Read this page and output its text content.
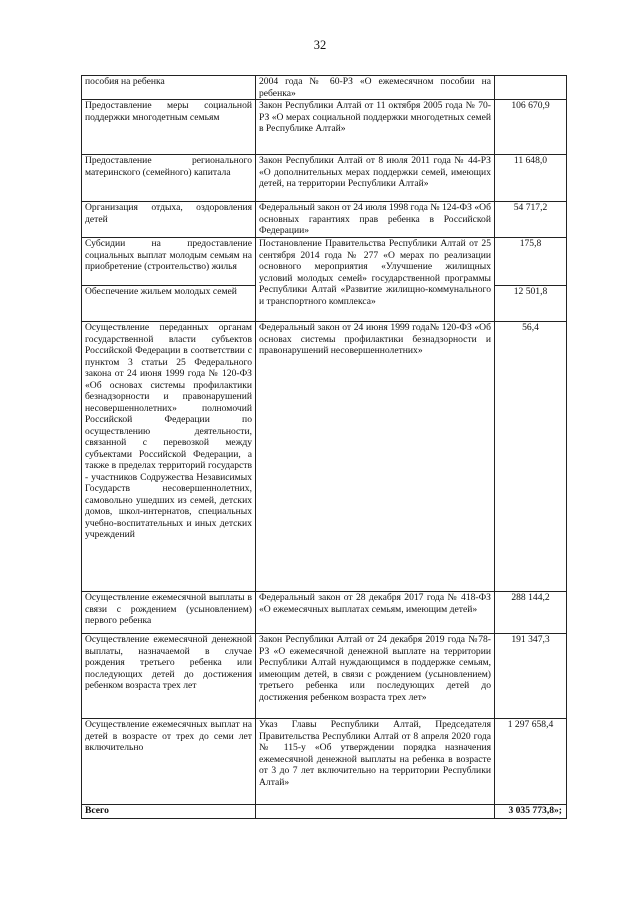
32
пособия на ребенка	2004 года № 60-РЗ «О ежемесячном пособии на ребенка»	
Предоставление меры социальной поддержки многодетным семьям	Закон Республики Алтай от 11 октября 2005 года № 70-РЗ «О мерах социальной поддержки многодетных семей в Республике Алтай»	106 670,9
Предоставление регионального материнского (семейного) капитала	Закон Республики Алтай от 8 июля 2011 года № 44-РЗ «О дополнительных мерах поддержки семей, имеющих детей, на территории Республики Алтай»	11 648,0
Организация отдыха, оздоровления детей	Федеральный закон от 24 июля 1998 года № 124-ФЗ «Об основных гарантиях прав ребенка в Российской Федерации»	54 717,2
Субсидии на предоставление социальных выплат молодым семьям на приобретение (строительство) жилья	Постановление Правительства Республики Алтай от 25 сентября 2014 года № 277 «О мерах по реализации основного мероприятия «Улучшение жилищных условий молодых семей» государственной программы Республики Алтай «Развитие жилищно-коммунального и транспортного комплекса»	175,8
Обеспечение жильем молодых семей		12 501,8
Осуществление переданных органам государственной власти субъектов Российской Федерации в соответствии с пунктом 3 статьи 25 Федерального закона от 24 июня 1999 года № 120-ФЗ «Об основах системы профилактики безнадзорности и правонарушений несовершеннолетних» полномочий Российской Федерации по осуществлению деятельности, связанной с перевозкой между субъектами Российской Федерации, а также в пределах территорий государств - участников Содружества Независимых Государств несовершеннолетних, самовольно ушедших из семей, детских домов, школ-интернатов, специальных учебно-воспитательных и иных детских учреждений	Федеральный закон от 24 июня 1999 года№ 120-ФЗ «Об основах системы профилактики безнадзорности и правонарушений несовершеннолетних»	56,4
Осуществление ежемесячной выплаты в связи с рождением (усыновлением) первого ребенка	Федеральный закон от 28 декабря 2017 года № 418-ФЗ «О ежемесячных выплатах семьям, имеющим детей»	288 144,2
Осуществление ежемесячной денежной выплаты, назначаемой в случае рождения третьего ребенка или последующих детей до достижения ребенком возраста трех лет	Закон Республики Алтай от 24 декабря 2019 года №78-РЗ «О ежемесячной денежной выплате на территории Республики Алтай нуждающимся в поддержке семьям, имеющим детей, в связи с рождением (усыновлением) третьего ребенка или последующих детей до достижения ребенком возраста трех лет»	191 347,3
Осуществление ежемесячных выплат на детей в возрасте от трех до семи лет включительно	Указ Главы Республики Алтай, Председателя Правительства Республики Алтай от 8 апреля 2020 года № 115-у «Об утверждении порядка назначения ежемесячной денежной выплаты на ребенка в возрасте от 3 до 7 лет включительно на территории Республики Алтай»	1 297 658,4
Всего		3 035 773,8»;
